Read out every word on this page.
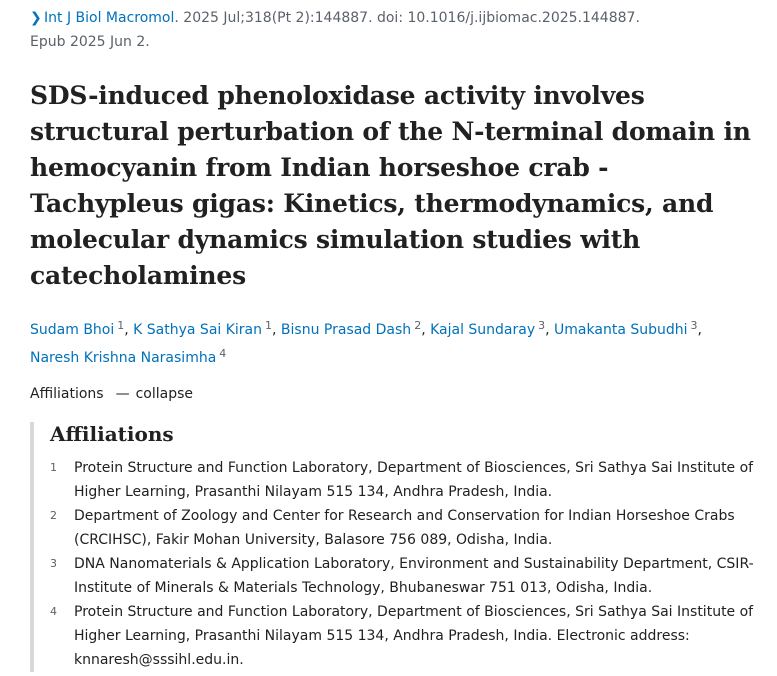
❯ Int J Biol Macromol. 2025 Jul;318(Pt 2):144887. doi: 10.1016/j.ijbiomac.2025.144887.
Epub 2025 Jun 2.
SDS-induced phenoloxidase activity involves structural perturbation of the N-terminal domain in hemocyanin from Indian horseshoe crab - Tachypleus gigas: Kinetics, thermodynamics, and molecular dynamics simulation studies with catecholamines
Sudam Bhoi $^1$, K Sathya Sai Kiran $^1$, Bisnu Prasad Dash $^2$, Kajal Sundaray $^3$, Umakanta Subudhi $^3$,
Naresh Krishna Narasimha $^4$
Affiliations — collapse
Affiliations
1	Protein Structure and Function Laboratory, Department of Biosciences, Sri Sathya Sai Institute of Higher Learning, Prasanthi Nilayam 515 134, Andhra Pradesh, India.
2	Department of Zoology and Center for Research and Conservation for Indian Horseshoe Crabs (CRCIHSC), Fakir Mohan University, Balasore 756 089, Odisha, India.
3	DNA Nanomaterials & Application Laboratory, Environment and Sustainability Department, CSIR-Institute of Minerals & Materials Technology, Bhubaneswar 751 013, Odisha, India.
4	Protein Structure and Function Laboratory, Department of Biosciences, Sri Sathya Sai Institute of Higher Learning, Prasanthi Nilayam 515 134, Andhra Pradesh, India. Electronic address: knnaresh@sssihl.edu.in.
